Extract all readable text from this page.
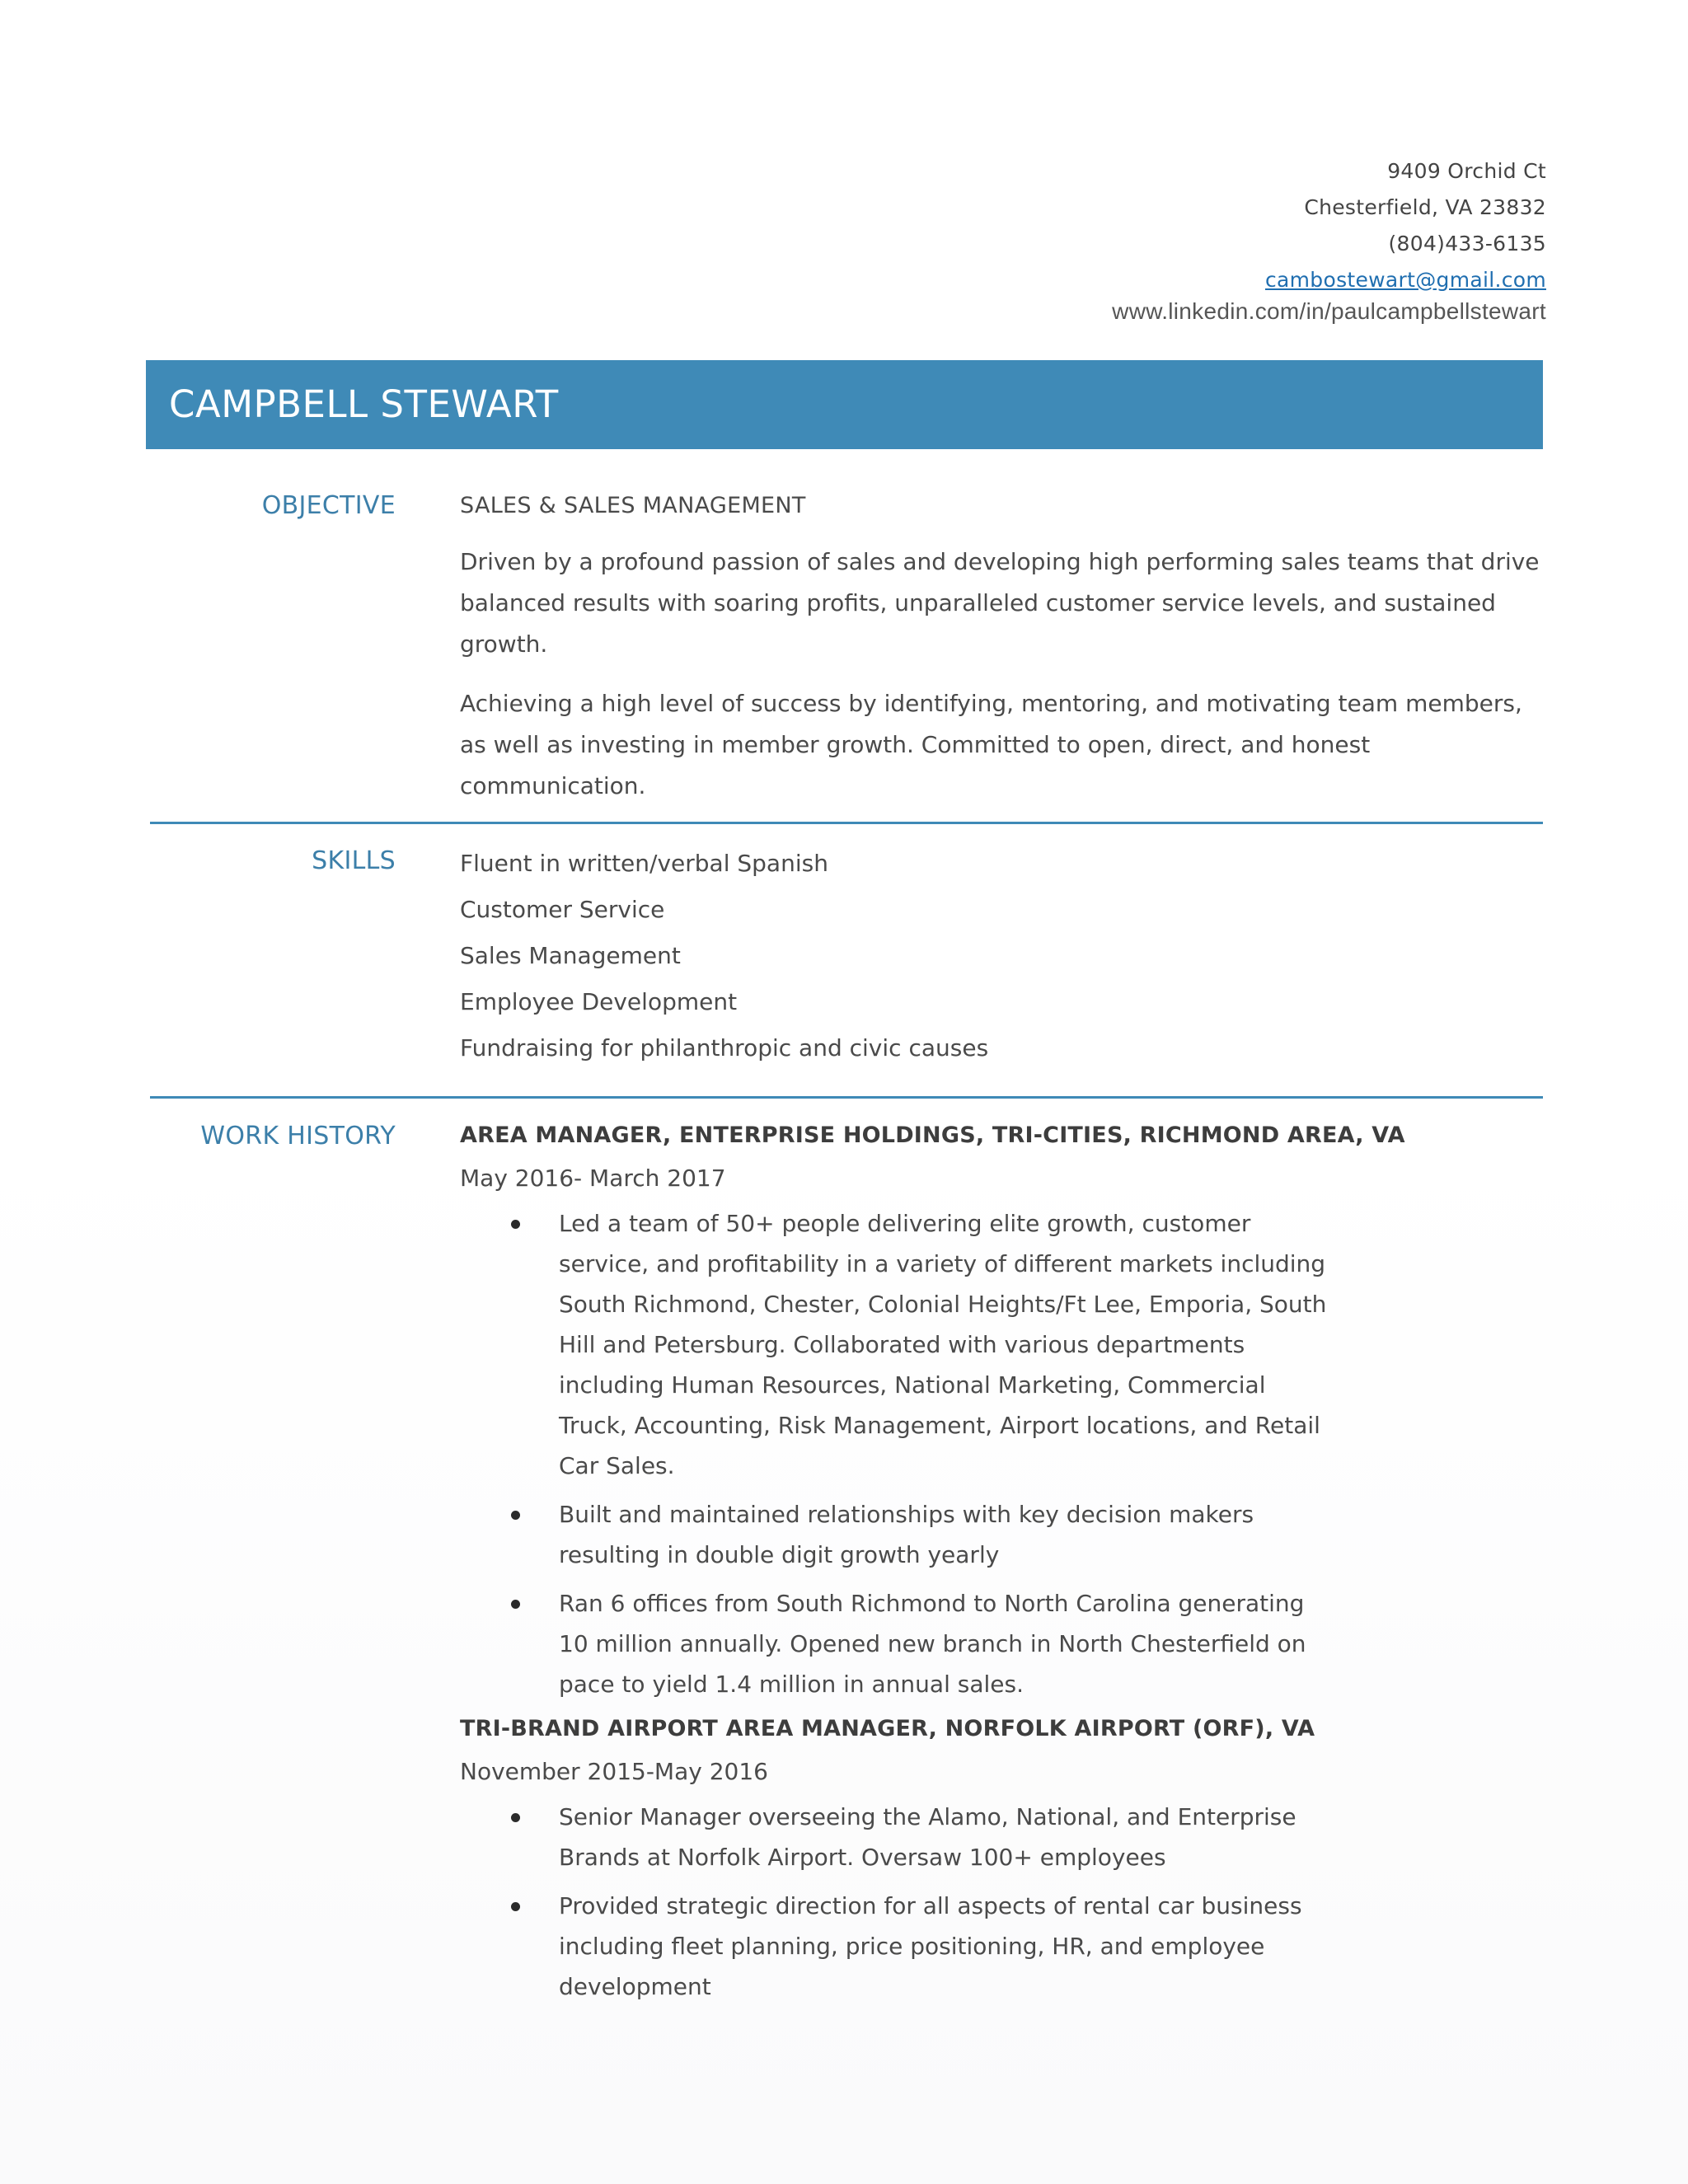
9409 Orchid Ct
Chesterfield, VA 23832
(804)433-6135
cambostewart@gmail.com
www.linkedin.com/in/paulcampbellstewart
CAMPBELL STEWART
OBJECTIVE	SALES & SALES MANAGEMENT

Driven by a profound passion of sales and developing high performing sales teams that drive balanced results with soaring profits, unparalleled customer service levels, and sustained growth.

Achieving a high level of success by identifying, mentoring, and motivating team members, as well as investing in member growth. Committed to open, direct, and honest communication.

SKILLS	Fluent in written/verbal Spanish
Customer Service
Sales Management
Employee Development
Fundraising for philanthropic and civic causes
WORK HISTORY	AREA MANAGER, ENTERPRISE HOLDINGS, TRI-CITIES, RICHMOND AREA, VA
May 2016- March 2017
Led a team of 50+ people delivering elite growth, customer service, and profitability in a variety of different markets including South Richmond, Chester, Colonial Heights/Ft Lee, Emporia, South Hill and Petersburg. Collaborated with various departments including Human Resources, National Marketing, Commercial Truck, Accounting, Risk Management, Airport locations, and Retail Car Sales.
Built and maintained relationships with key decision makers resulting in double digit growth yearly
Ran 6 offices from South Richmond to North Carolina generating 10 million annually. Opened new branch in North Chesterfield on pace to yield 1.4 million in annual sales.
TRI-BRAND AIRPORT AREA MANAGER, NORFOLK AIRPORT (ORF), VA
November 2015-May 2016
Senior Manager overseeing the Alamo, National, and Enterprise Brands at Norfolk Airport. Oversaw 100+ employees
Provided strategic direction for all aspects of rental car business including fleet planning, price positioning, HR, and employee development
